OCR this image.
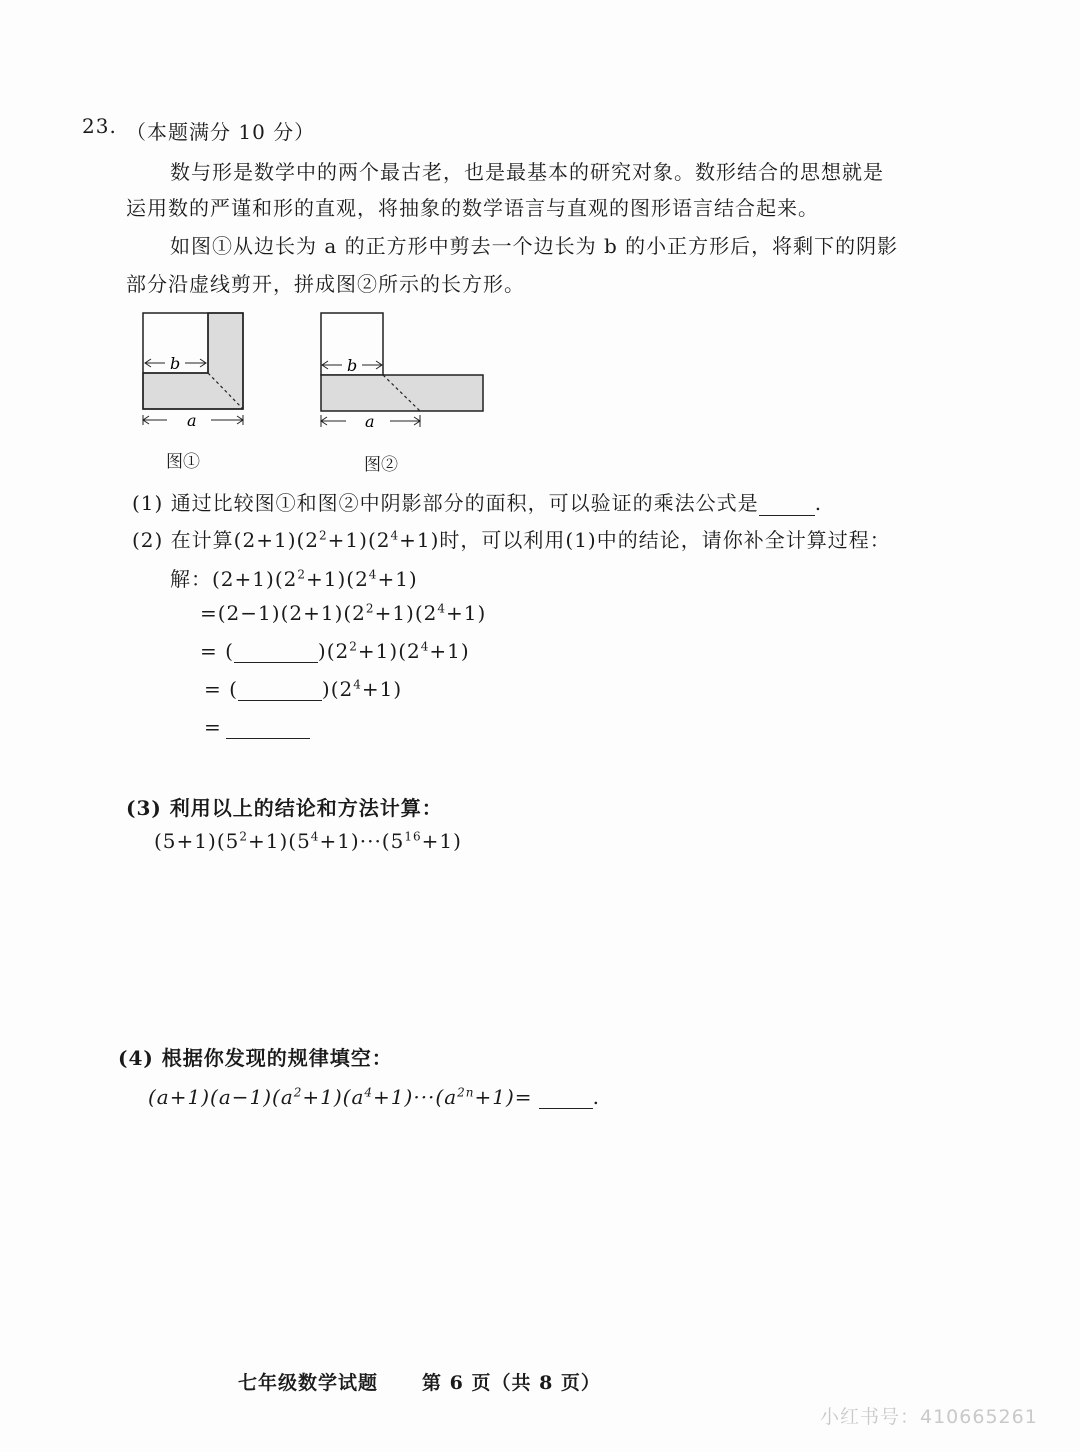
23. （本题满分 10 分）
数与形是数学中的两个最古老，也是最基本的研究对象。数形结合的思想就是
运用数的严谨和形的直观，将抽象的数学语言与直观的图形语言结合起来。
如图①从边长为 a 的正方形中剪去一个边长为 b 的小正方形后，将剩下的阴影
部分沿虚线剪开，拼成图②所示的长方形。
b
a
图①
b
a
图②
(1) 通过比较图①和图②中阴影部分的面积，可以验证的乘法公式是	.
(2) 在计算$(2+1)(2^2+1)(2^4+1)$时，可以利用(1)中的结论，请你补全计算过程：
解：$(2+1)(2^2+1)(2^4+1)$
$=(2-1)(2+1)(2^2+1)(2^4+1)$
= (	)$(2^2+1)(2^4+1)$
= (	)$(2^4+1)$
=
(3) 利用以上的结论和方法计算：
$(5+1)(5^2+1)(5^4+1)\cdot\cdot\cdot(5^{16}+1)$
(4) 根据你发现的规律填空：
$(a+1)(a-1)(a^2+1)(a^4+1)\cdot\cdot\cdot(a^{2n}+1)=$	.
七年级数学试题 第 6 页（共 8 页）
小红书号：410665261
